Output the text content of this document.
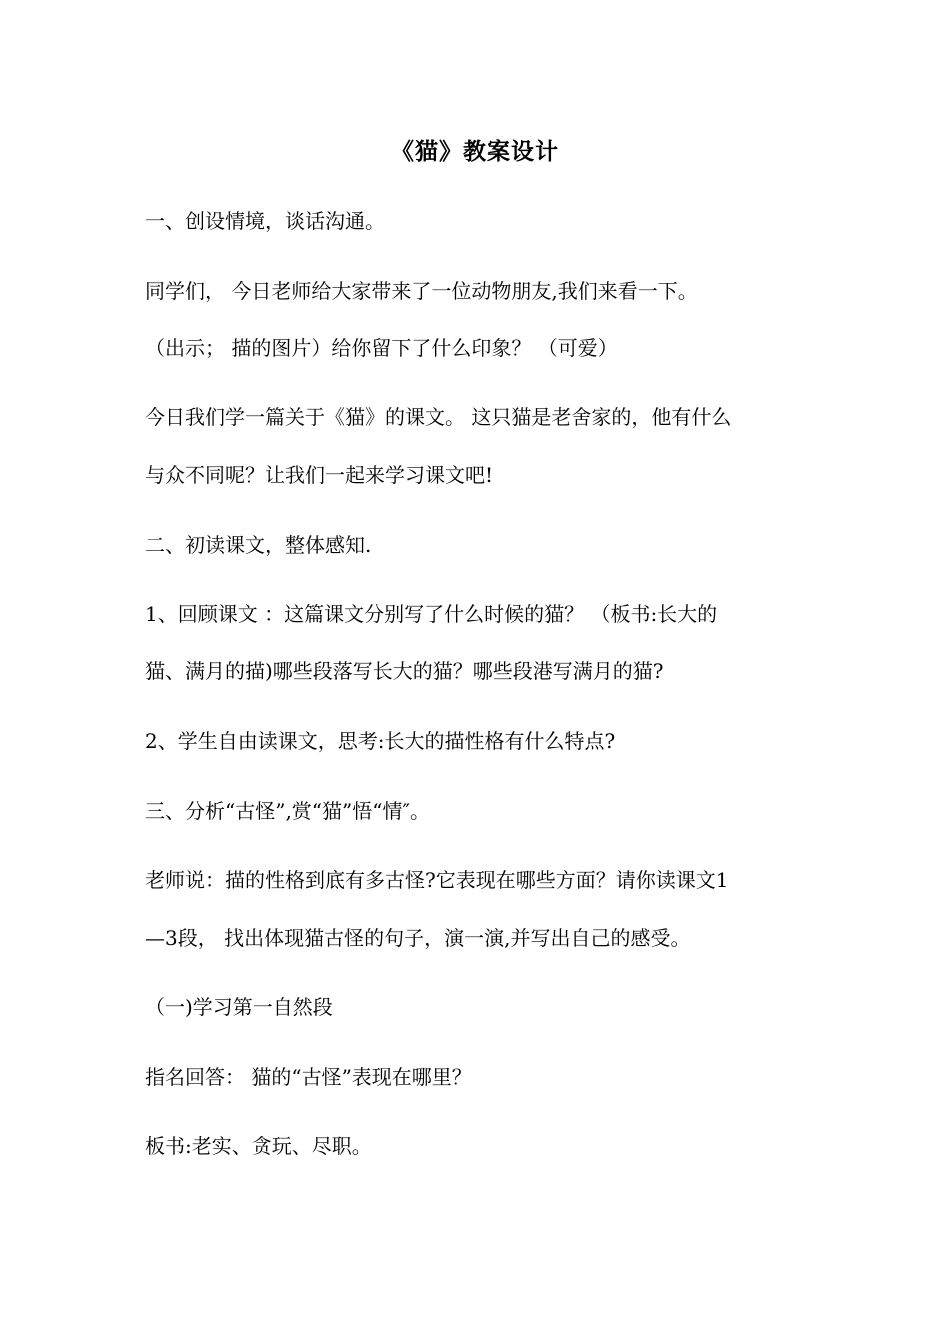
《猫》教案设计

一、创设情境，谈话沟通。

同学们， 今日老师给大家带来了一位动物朋友,我们来看一下。

（出示； 描的图片）给你留下了什么印象？ （可爱）

今日我们学一篇关于《猫》的课文。 这只猫是老舍家的，他有什么

与众不同呢？让我们一起来学习课文吧!

二、初读课文，整体感知.

1、回顾课文 ：这篇课文分别写了什么时候的猫？ （板书:长大的

猫、满月的描)哪些段落写长大的猫？哪些段港写满月的猫?

2、学生自由读课文，思考:长大的描性格有什么特点?

三、分析“古怪”,赏“猫”悟“情″。

老师说：描的性格到底有多古怪?它表现在哪些方面？请你读课文1

—3段， 找出体现猫古怪的句子，演一演,并写出自己的感受。

（一)学习第一自然段

指名回答： 猫的“古怪”表现在哪里？

板书:老实、贪玩、尽职。
